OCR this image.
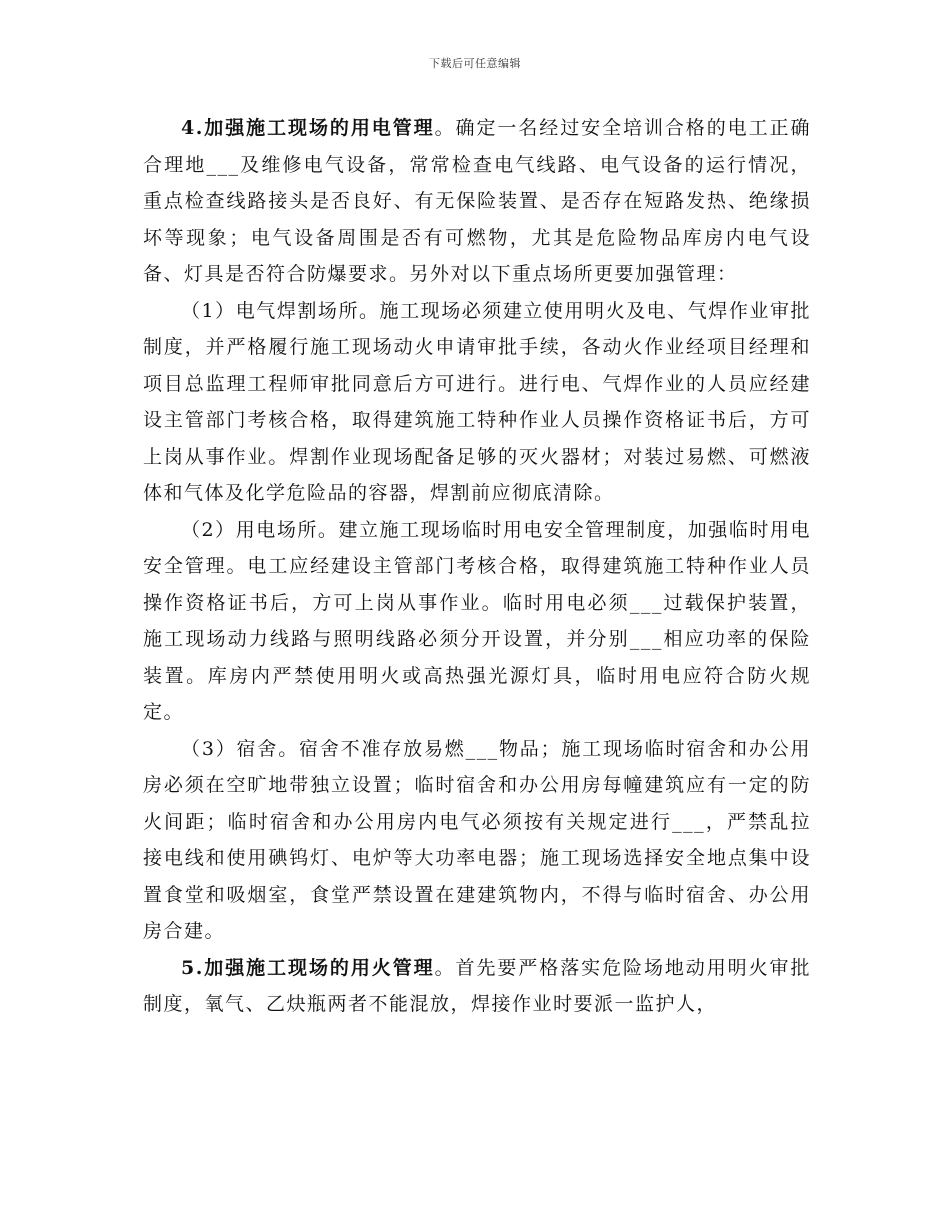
下载后可任意编辑

4.加强施工现场的用电管理。确定一名经过安全培训合格的电工正确合理地___及维修电气设备，常常检查电气线路、电气设备的运行情况，重点检查线路接头是否良好、有无保险装置、是否存在短路发热、绝缘损坏等现象；电气设备周围是否有可燃物，尤其是危险物品库房内电气设备、灯具是否符合防爆要求。另外对以下重点场所更要加强管理：

（1）电气焊割场所。施工现场必须建立使用明火及电、气焊作业审批制度，并严格履行施工现场动火申请审批手续，各动火作业经项目经理和项目总监理工程师审批同意后方可进行。进行电、气焊作业的人员应经建设主管部门考核合格，取得建筑施工特种作业人员操作资格证书后，方可上岗从事作业。焊割作业现场配备足够的灭火器材；对装过易燃、可燃液体和气体及化学危险品的容器，焊割前应彻底清除。

（2）用电场所。建立施工现场临时用电安全管理制度，加强临时用电安全管理。电工应经建设主管部门考核合格，取得建筑施工特种作业人员操作资格证书后，方可上岗从事作业。临时用电必须___过载保护装置，施工现场动力线路与照明线路必须分开设置，并分别___相应功率的保险装置。库房内严禁使用明火或高热强光源灯具，临时用电应符合防火规定。

（3）宿舍。宿舍不准存放易燃___物品；施工现场临时宿舍和办公用房必须在空旷地带独立设置；临时宿舍和办公用房每幢建筑应有一定的防火间距；临时宿舍和办公用房内电气必须按有关规定进行___，严禁乱拉接电线和使用碘钨灯、电炉等大功率电器；施工现场选择安全地点集中设置食堂和吸烟室，食堂严禁设置在建建筑物内，不得与临时宿舍、办公用房合建。

5.加强施工现场的用火管理。首先要严格落实危险场地动用明火审批制度，氧气、乙炔瓶两者不能混放，焊接作业时要派一监护人，
